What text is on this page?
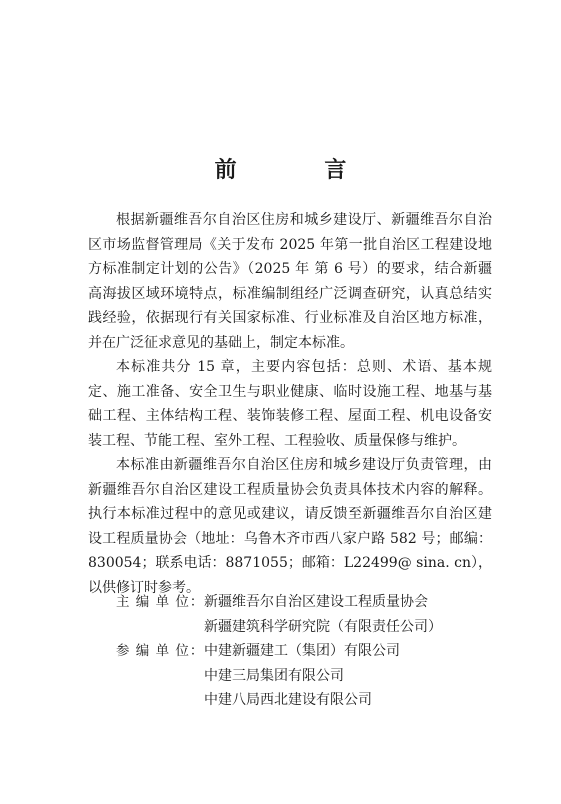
前 言

根据新疆维吾尔自治区住房和城乡建设厅、新疆维吾尔自治区市场监督管理局《关于发布 2025 年第一批自治区工程建设地方标准制定计划的公告》（2025 年 第 6 号）的要求，结合新疆高海拔区域环境特点，标准编制组经广泛调查研究，认真总结实践经验，依据现行有关国家标准、行业标准及自治区地方标准，并在广泛征求意见的基础上，制定本标准。

本标准共分 15 章，主要内容包括：总则、术语、基本规定、施工准备、安全卫生与职业健康、临时设施工程、地基与基础工程、主体结构工程、装饰装修工程、屋面工程、机电设备安装工程、节能工程、室外工程、工程验收、质量保修与维护。

本标准由新疆维吾尔自治区住房和城乡建设厅负责管理，由新疆维吾尔自治区建设工程质量协会负责具体技术内容的解释。执行本标准过程中的意见或建议，请反馈至新疆维吾尔自治区建设工程质量协会（地址：乌鲁木齐市西八家户路 582 号；邮编：830054；联系电话：8871055；邮箱：L22499@ sina. cn），以供修订时参考。

主 编 单 位： 新疆维吾尔自治区建设工程质量协会
新疆建筑科学研究院（有限责任公司）
参 编 单 位： 中建新疆建工（集团）有限公司
中建三局集团有限公司
中建八局西北建设有限公司
